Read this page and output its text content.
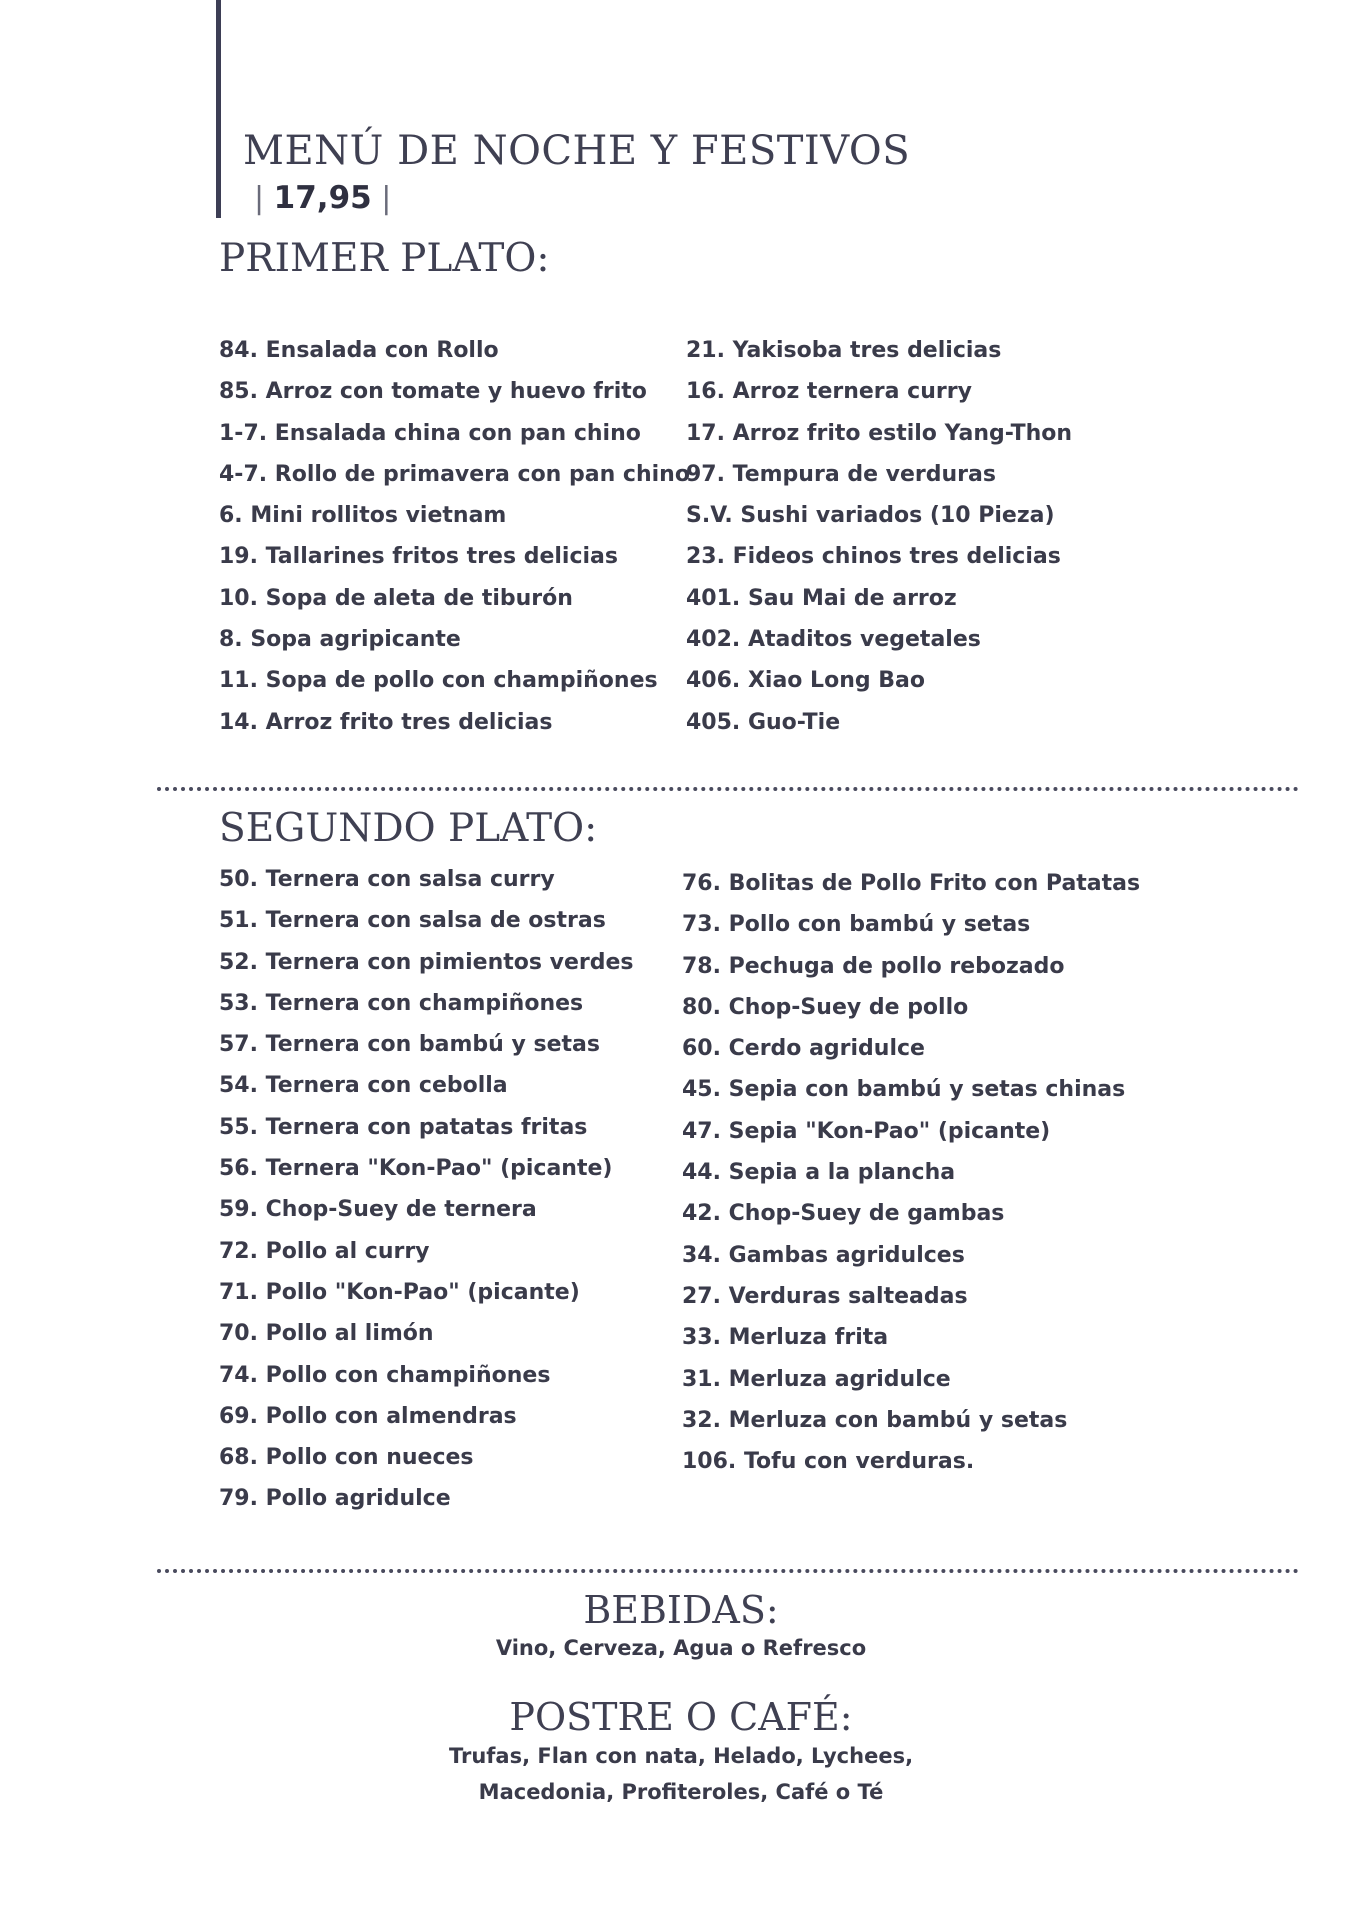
MENÚ DE NOCHE Y FESTIVOS
| 17,95 |
PRIMER PLATO:
84. Ensalada con Rollo
85. Arroz con tomate y huevo frito
1-7. Ensalada china con pan chino
4-7. Rollo de primavera con pan chino
6. Mini rollitos vietnam
19. Tallarines fritos tres delicias
10. Sopa de aleta de tiburón
8. Sopa agripicante
11. Sopa de pollo con champiñones
14. Arroz frito tres delicias
21. Yakisoba tres delicias
16. Arroz ternera curry
17. Arroz frito estilo Yang-Thon
97. Tempura de verduras
S.V. Sushi variados (10 Pieza)
23. Fideos chinos tres delicias
401. Sau Mai de arroz
402. Ataditos vegetales
406. Xiao Long Bao
405. Guo-Tie
SEGUNDO PLATO:
50. Ternera con salsa curry
51. Ternera con salsa de ostras
52. Ternera con pimientos verdes
53. Ternera con champiñones
57. Ternera con bambú y setas
54. Ternera con cebolla
55. Ternera con patatas fritas
56. Ternera "Kon-Pao" (picante)
59. Chop-Suey de ternera
72. Pollo al curry
71. Pollo "Kon-Pao" (picante)
70. Pollo al limón
74. Pollo con champiñones
69. Pollo con almendras
68. Pollo con nueces
79. Pollo agridulce
76. Bolitas de Pollo Frito con Patatas
73. Pollo con bambú y setas
78. Pechuga de pollo rebozado
80. Chop-Suey de pollo
60. Cerdo agridulce
45. Sepia con bambú y setas chinas
47. Sepia "Kon-Pao" (picante)
44. Sepia a la plancha
42. Chop-Suey de gambas
34. Gambas agridulces
27. Verduras salteadas
33. Merluza frita
31. Merluza agridulce
32. Merluza con bambú y setas
106. Tofu con verduras.
BEBIDAS:

Vino, Cerveza, Agua o Refresco

POSTRE O CAFÉ:

Trufas, Flan con nata, Helado, Lychees,

Macedonia, Profiteroles, Café o Té
